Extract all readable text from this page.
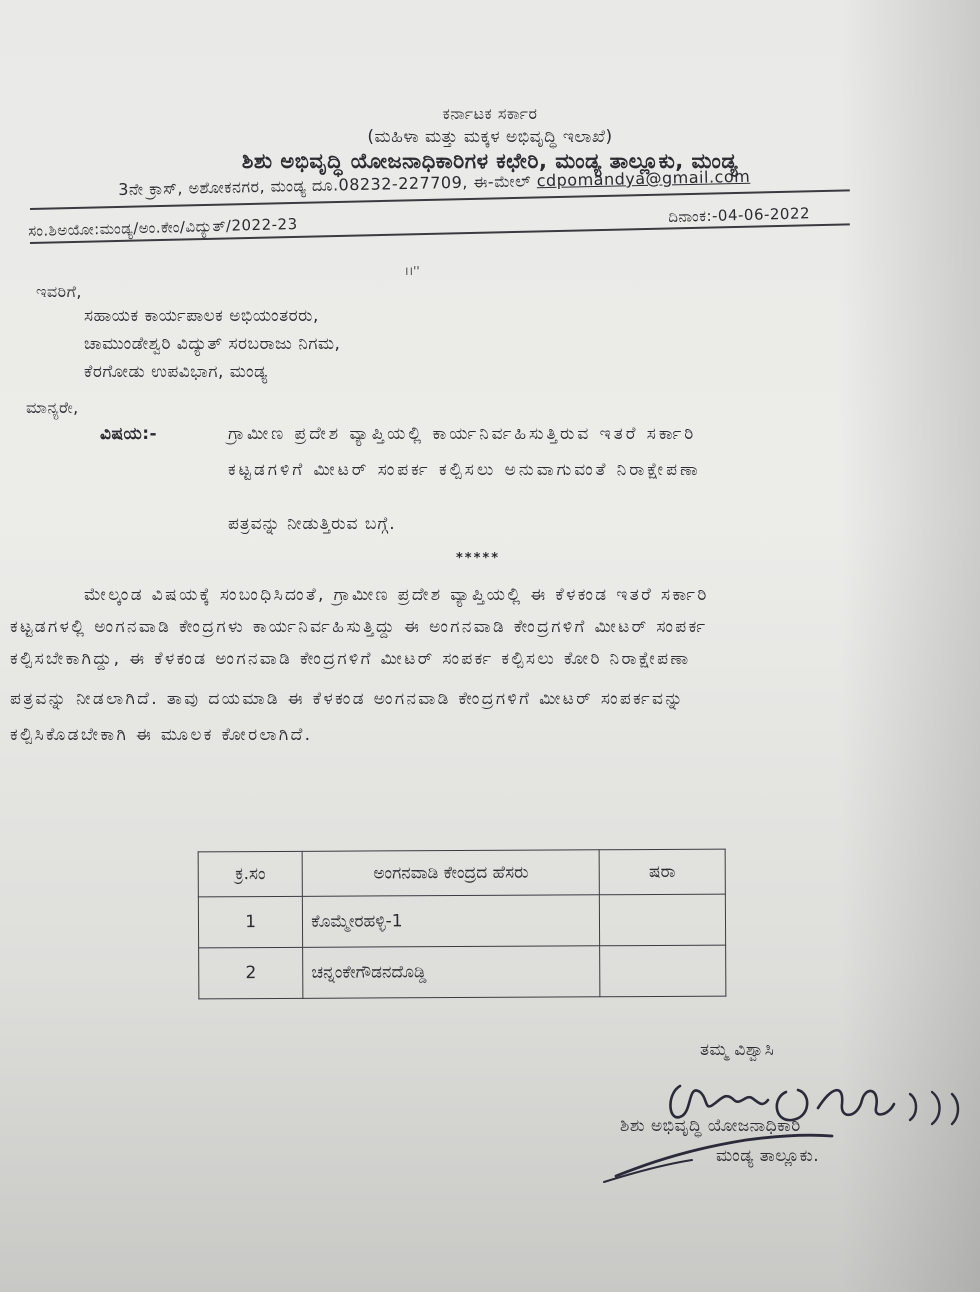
ಕರ್ನಾಟಕ ಸರ್ಕಾರ
(ಮಹಿಳಾ ಮತ್ತು ಮಕ್ಕಳ ಅಭಿವೃದ್ಧಿ ಇಲಾಖೆ)
ಶಿಶು ಅಭಿವೃದ್ಧಿ ಯೋಜನಾಧಿಕಾರಿಗಳ ಕಛೇರಿ, ಮಂಡ್ಯ ತಾಲ್ಲೂಕು, ಮಂಡ್ಯ
3ನೇ ಕ್ರಾಸ್, ಅಶೋಕನಗರ, ಮಂಡ್ಯ ದೂ.08232-227709, ಈ-ಮೇಲ್ cdpomandya@gmail.com
ಸಂ.ಶಿಅಯೋ:ಮಂಡ್ಯ/ಅಂ.ಕೇಂ/ವಿದ್ಯುತ್/2022-23	ದಿನಾಂಕ:-04-06-2022
।।''
ಇವರಿಗೆ,
ಸಹಾಯಕ ಕಾರ್ಯಪಾಲಕ ಅಭಿಯಂತರರು,
ಚಾಮುಂಡೇಶ್ವರಿ ವಿದ್ಯುತ್ ಸರಬರಾಜು ನಿಗಮ,
ಕೆರಗೋಡು ಉಪವಿಭಾಗ, ಮಂಡ್ಯ
ಮಾನ್ಯರೇ,
ವಿಷಯ:-	ಗ್ರಾಮೀಣ ಪ್ರದೇಶ ವ್ಯಾಪ್ತಿಯಲ್ಲಿ ಕಾರ್ಯನಿರ್ವಹಿಸುತ್ತಿರುವ ಇತರೆ ಸರ್ಕಾರಿ
ಕಟ್ಟಡಗಳಿಗೆ ಮೀಟರ್ ಸಂಪರ್ಕ ಕಲ್ಪಿಸಲು ಅನುವಾಗುವಂತೆ ನಿರಾಕ್ಷೇಪಣಾ
ಪತ್ರವನ್ನು ನೀಡುತ್ತಿರುವ ಬಗ್ಗೆ.
*****
ಮೇಲ್ಕಂಡ ವಿಷಯಕ್ಕೆ ಸಂಬಂಧಿಸಿದಂತೆ, ಗ್ರಾಮೀಣ ಪ್ರದೇಶ ವ್ಯಾಪ್ತಿಯಲ್ಲಿ ಈ ಕೆಳಕಂಡ ಇತರೆ ಸರ್ಕಾರಿ
ಕಟ್ಟಡಗಳಲ್ಲಿ ಅಂಗನವಾಡಿ ಕೇಂದ್ರಗಳು ಕಾರ್ಯನಿರ್ವಹಿಸುತ್ತಿದ್ದು ಈ ಅಂಗನವಾಡಿ ಕೇಂದ್ರಗಳಿಗೆ ಮೀಟರ್ ಸಂಪರ್ಕ
ಕಲ್ಪಿಸಬೇಕಾಗಿದ್ದು, ಈ ಕೆಳಕಂಡ ಅಂಗನವಾಡಿ ಕೇಂದ್ರಗಳಿಗೆ ಮೀಟರ್ ಸಂಪರ್ಕ ಕಲ್ಪಿಸಲು ಕೋರಿ ನಿರಾಕ್ಷೇಪಣಾ
ಪತ್ರವನ್ನು ನೀಡಲಾಗಿದೆ. ತಾವು ದಯಮಾಡಿ ಈ ಕೆಳಕಂಡ ಅಂಗನವಾಡಿ ಕೇಂದ್ರಗಳಿಗೆ ಮೀಟರ್ ಸಂಪರ್ಕವನ್ನು
ಕಲ್ಪಿಸಿಕೊಡಬೇಕಾಗಿ ಈ ಮೂಲಕ ಕೋರಲಾಗಿದೆ.
ಕ್ರ.ಸಂ	ಅಂಗನವಾಡಿ ಕೇಂದ್ರದ ಹೆಸರು	ಷರಾ
1	ಕೊಮ್ಮೇರಹಳ್ಳಿ-1	
2	ಚನ್ನಂಕೇಗೌಡನದೊಡ್ಡಿ	
ತಮ್ಮ ವಿಶ್ವಾಸಿ
ಶಿಶು ಅಭಿವೃದ್ಧಿ ಯೋಜನಾಧಿಕಾರಿ
ಮಂಡ್ಯ ತಾಲ್ಲೂಕು.
